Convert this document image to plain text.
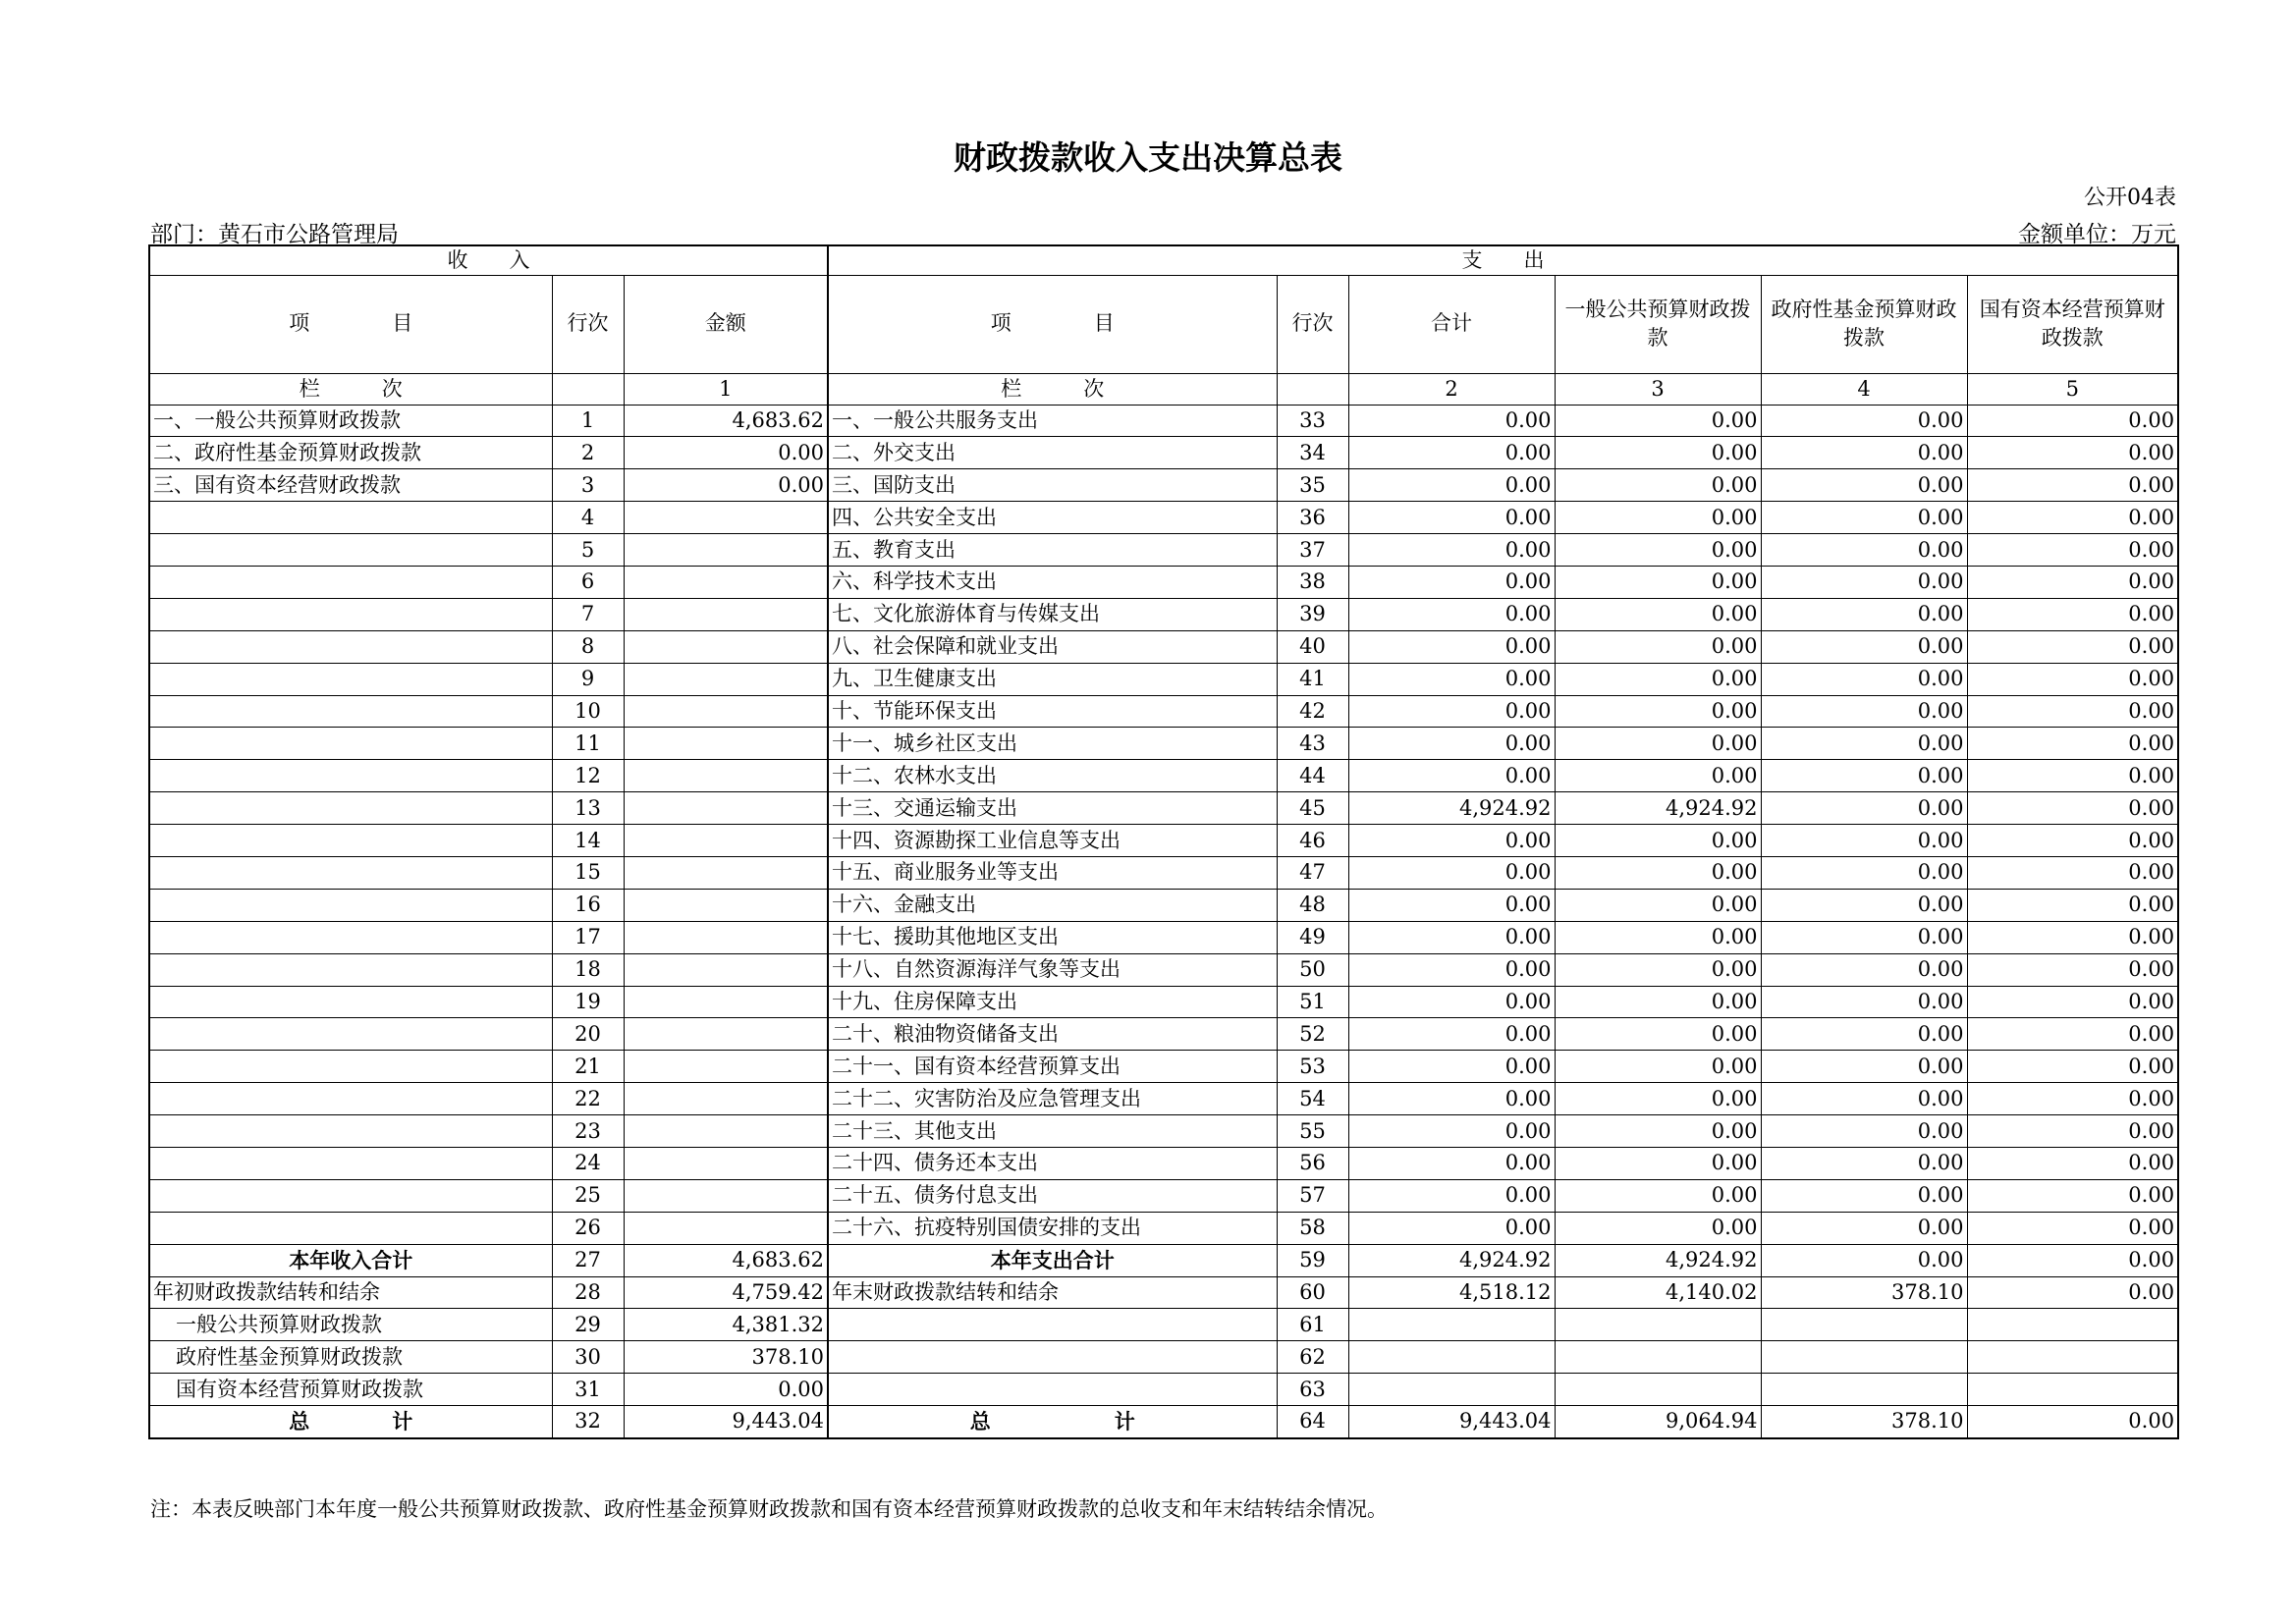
财政拨款收入支出决算总表
公开04表
部门：黄石市公路管理局	金额单位：万元
收　　入			支　　出					
项　　　　目	行次	金额	项　　　　目	行次	合计	一般公共预算财政拨款	政府性基金预算财政拨款	国有资本经营预算财政拨款
栏　　　次		1	栏　　　次		2	3	4	5
一、一般公共预算财政拨款	1	4,683.62	一、一般公共服务支出	33	0.00	0.00	0.00	0.00
二、政府性基金预算财政拨款	2	0.00	二、外交支出	34	0.00	0.00	0.00	0.00
三、国有资本经营财政拨款	3	0.00	三、国防支出	35	0.00	0.00	0.00	0.00
	4		四、公共安全支出	36	0.00	0.00	0.00	0.00
	5		五、教育支出	37	0.00	0.00	0.00	0.00
	6		六、科学技术支出	38	0.00	0.00	0.00	0.00
	7		七、文化旅游体育与传媒支出	39	0.00	0.00	0.00	0.00
	8		八、社会保障和就业支出	40	0.00	0.00	0.00	0.00
	9		九、卫生健康支出	41	0.00	0.00	0.00	0.00
	10		十、节能环保支出	42	0.00	0.00	0.00	0.00
	11		十一、城乡社区支出	43	0.00	0.00	0.00	0.00
	12		十二、农林水支出	44	0.00	0.00	0.00	0.00
	13		十三、交通运输支出	45	4,924.92	4,924.92	0.00	0.00
	14		十四、资源勘探工业信息等支出	46	0.00	0.00	0.00	0.00
	15		十五、商业服务业等支出	47	0.00	0.00	0.00	0.00
	16		十六、金融支出	48	0.00	0.00	0.00	0.00
	17		十七、援助其他地区支出	49	0.00	0.00	0.00	0.00
	18		十八、自然资源海洋气象等支出	50	0.00	0.00	0.00	0.00
	19		十九、住房保障支出	51	0.00	0.00	0.00	0.00
	20		二十、粮油物资储备支出	52	0.00	0.00	0.00	0.00
	21		二十一、国有资本经营预算支出	53	0.00	0.00	0.00	0.00
	22		二十二、灾害防治及应急管理支出	54	0.00	0.00	0.00	0.00
	23		二十三、其他支出	55	0.00	0.00	0.00	0.00
	24		二十四、债务还本支出	56	0.00	0.00	0.00	0.00
	25		二十五、债务付息支出	57	0.00	0.00	0.00	0.00
	26		二十六、抗疫特别国债安排的支出	58	0.00	0.00	0.00	0.00
本年收入合计	27	4,683.62	本年支出合计	59	4,924.92	4,924.92	0.00	0.00
年初财政拨款结转和结余	28	4,759.42	年末财政拨款结转和结余	60	4,518.12	4,140.02	378.10	0.00
一般公共预算财政拨款	29	4,381.32		61				
政府性基金预算财政拨款	30	378.10		62				
国有资本经营预算财政拨款	31	0.00		63				
总　　　　计	32	9,443.04	总　　　　　　计	64	9,443.04	9,064.94	378.10	0.00
注：本表反映部门本年度一般公共预算财政拨款、政府性基金预算财政拨款和国有资本经营预算财政拨款的总收支和年末结转结余情况。
